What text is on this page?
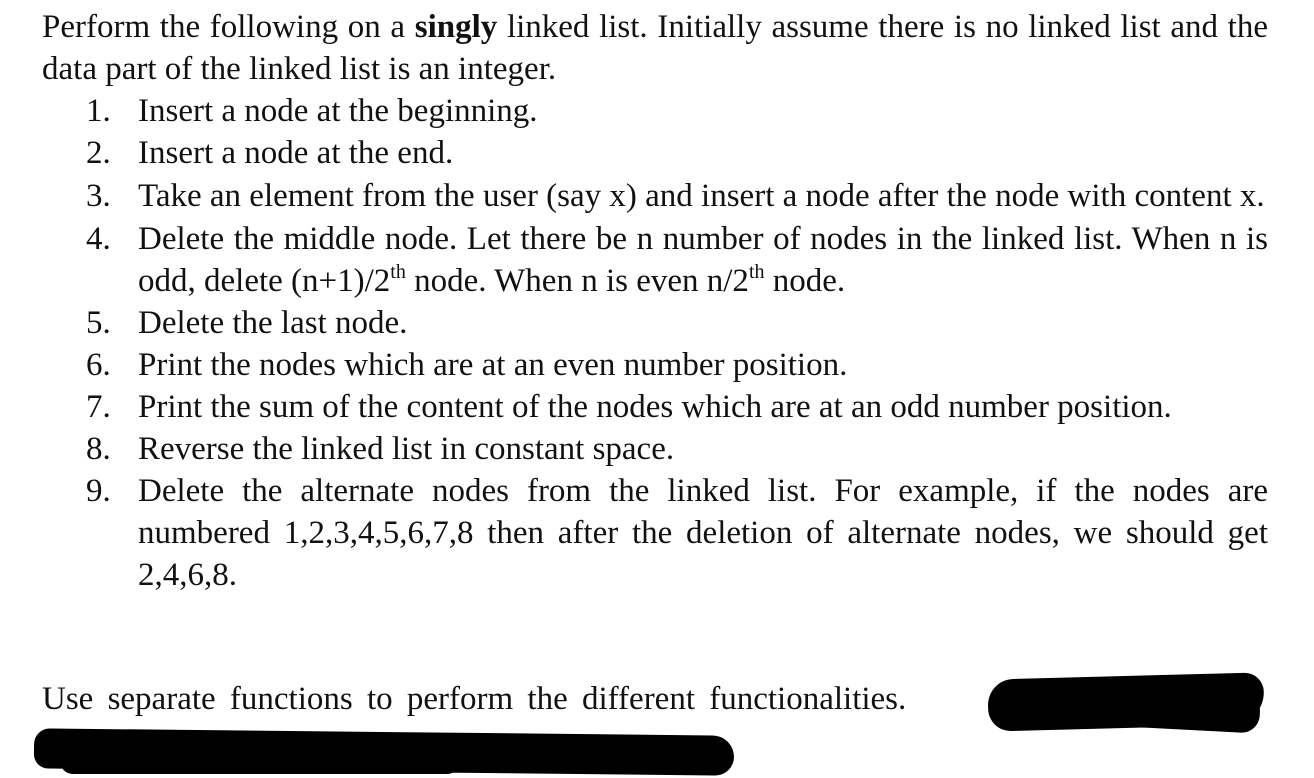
Perform the following on a singly linked list. Initially assume there is no linked list and the data part of the linked list is an integer.

1. Insert a node at the beginning.
2. Insert a node at the end.
3. Take an element from the user (say x) and insert a node after the node with content x.
4. Delete the middle node. Let there be n number of nodes in the linked list. When n is odd, delete (n+1)/2th node. When n is even n/2th node.
5. Delete the last node.
6. Print the nodes which are at an even number position.
7. Print the sum of the content of the nodes which are at an odd number position.
8. Reverse the linked list in constant space.
9. Delete the alternate nodes from the linked list. For example, if the nodes are numbered 1,2,3,4,5,6,7,8 then after the deletion of alternate nodes, we should get 2,4,6,8.
Use separate functions to perform the different functionalities.
